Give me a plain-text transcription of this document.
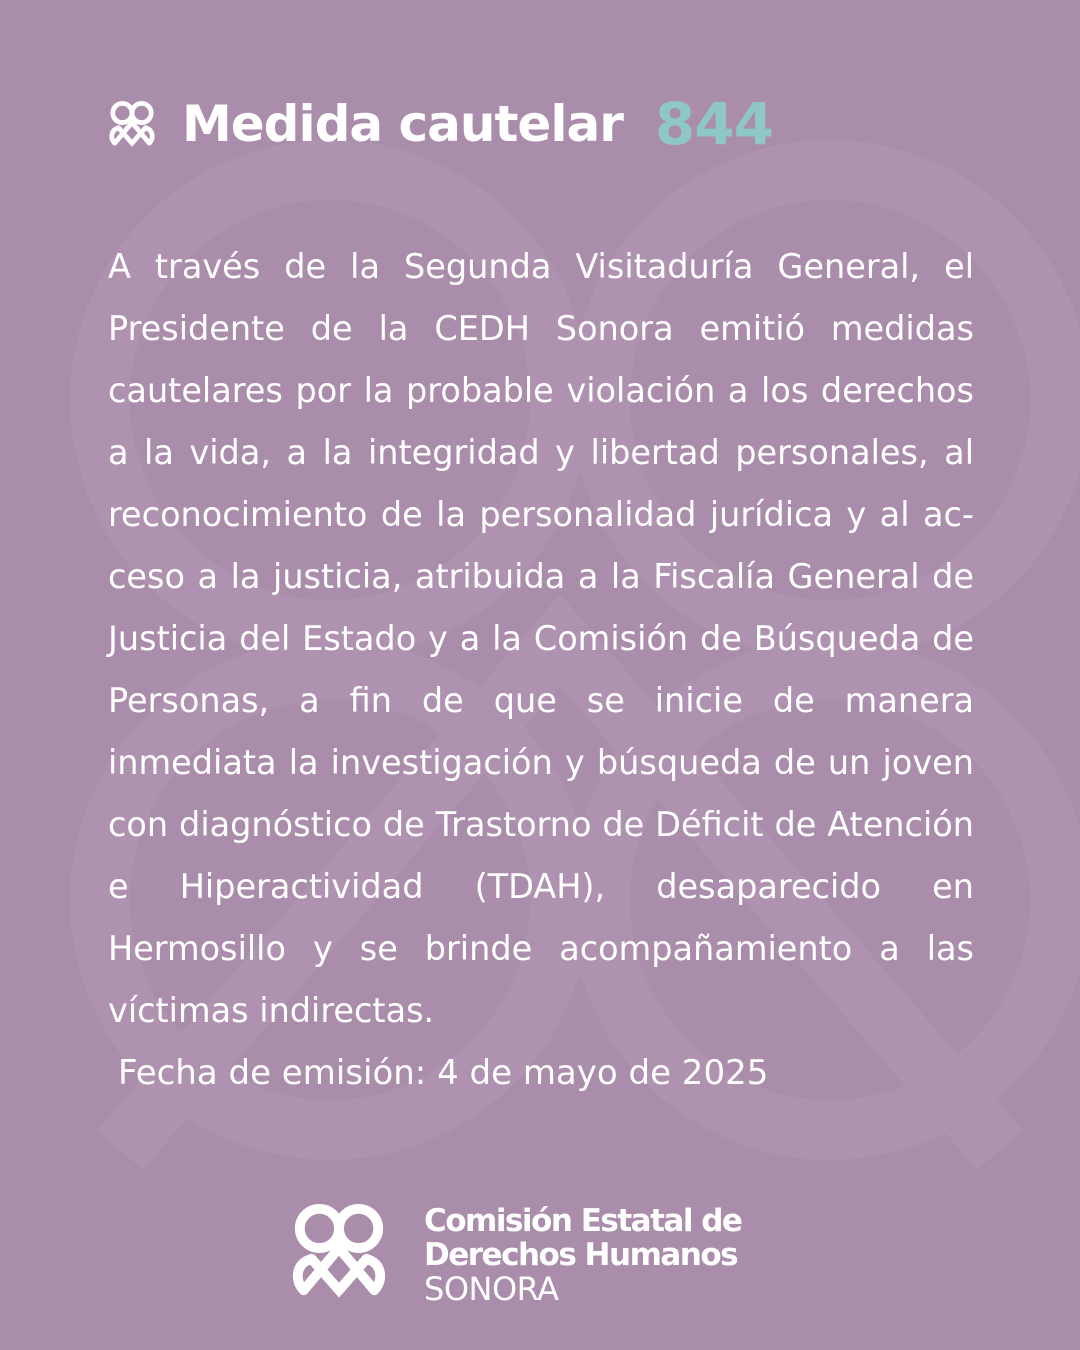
Medida cautelar 844

A través de la Segunda Visitaduría General, el Presidente de la CEDH Sonora emitió medidas cautelares por la probable violación a los derechos a la vida, a la integridad y libertad personales, al reconocimiento de la personalidad jurídica y al acceso a la justicia, atribuida a la Fiscalía General de Justicia del Estado y a la Comisión de Búsqueda de Personas, a fin de que se inicie de manera inmediata la investigación y búsqueda de un joven con diagnóstico de Trastorno de Déficit de Atención e Hiperactividad (TDAH), desaparecido en Hermosillo y se brinde acompañamiento a las víctimas indirectas.

Fecha de emisión: 4 de mayo de 2025
Comisión Estatal de
Derechos Humanos
SONORA
